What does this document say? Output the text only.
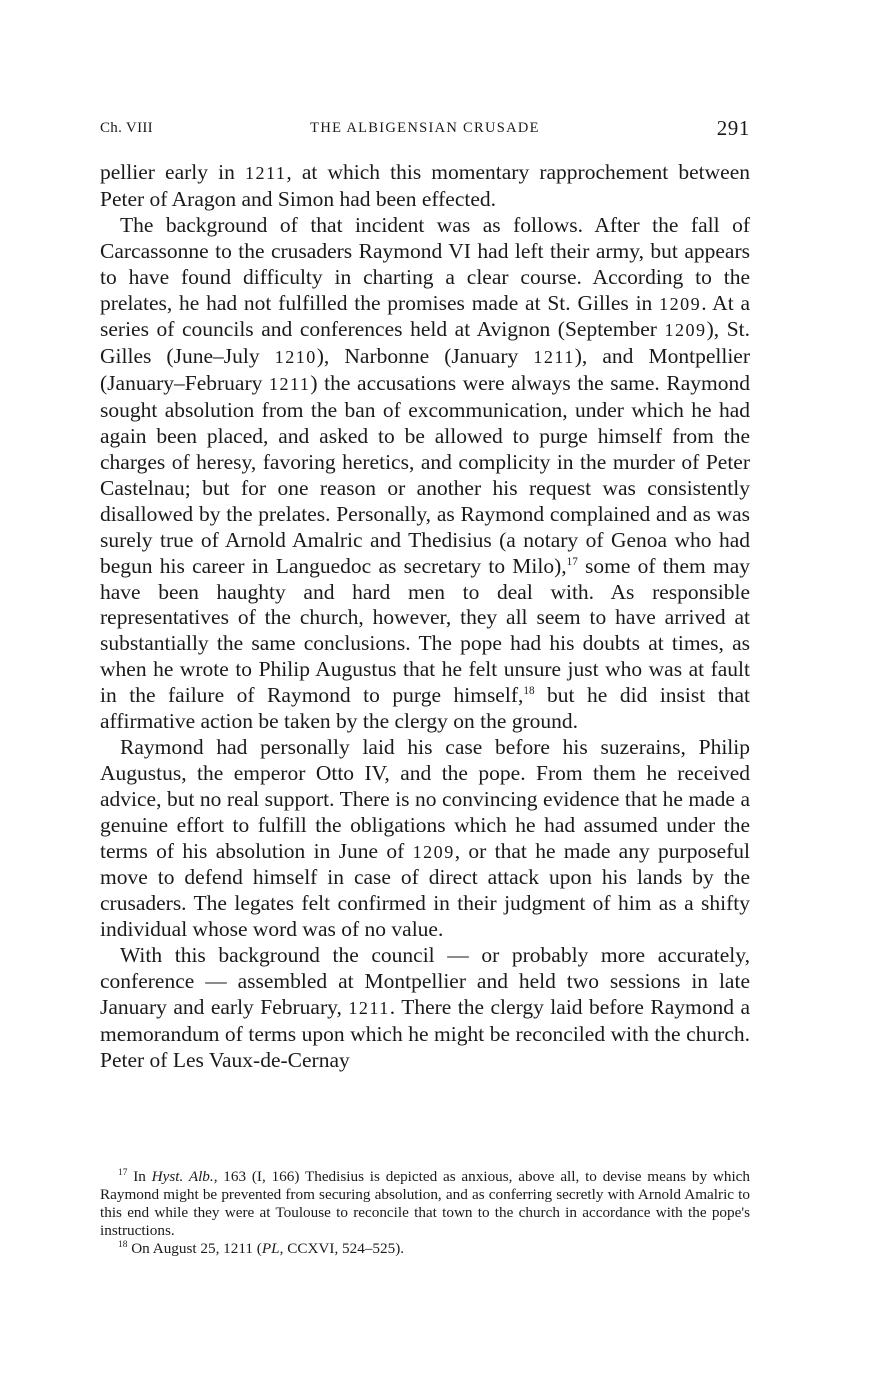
Ch. VIII	THE ALBIGENSIAN CRUSADE	291

pellier early in 1211, at which this momentary rapprochement between Peter of Aragon and Simon had been effected.

The background of that incident was as follows. After the fall of Carcassonne to the crusaders Raymond VI had left their army, but appears to have found difficulty in charting a clear course. According to the prelates, he had not fulfilled the promises made at St. Gilles in 1209. At a series of councils and conferences held at Avignon (September 1209), St. Gilles (June–July 1210), Narbonne (January 1211), and Montpellier (January–February 1211) the accusations were always the same. Raymond sought absolution from the ban of excommunication, under which he had again been placed, and asked to be allowed to purge himself from the charges of heresy, favoring heretics, and complicity in the murder of Peter Castelnau; but for one reason or another his request was consistently disallowed by the prelates. Personally, as Raymond complained and as was surely true of Arnold Amalric and Thedisius (a notary of Genoa who had begun his career in Languedoc as secretary to Milo),$^{17}$ some of them may have been haughty and hard men to deal with. As responsible representatives of the church, however, they all seem to have arrived at substantially the same conclusions. The pope had his doubts at times, as when he wrote to Philip Augustus that he felt unsure just who was at fault in the failure of Raymond to purge himself,$^{18}$ but he did insist that affirmative action be taken by the clergy on the ground.

Raymond had personally laid his case before his suzerains, Philip Augustus, the emperor Otto IV, and the pope. From them he received advice, but no real support. There is no convincing evidence that he made a genuine effort to fulfill the obligations which he had assumed under the terms of his absolution in June of 1209, or that he made any purposeful move to defend himself in case of direct attack upon his lands by the crusaders. The legates felt confirmed in their judgment of him as a shifty individual whose word was of no value.

With this background the council — or probably more accurately, conference — assembled at Montpellier and held two sessions in late January and early February, 1211. There the clergy laid before Raymond a memorandum of terms upon which he might be reconciled with the church. Peter of Les Vaux-de-Cernay

$^{17}$ In Hyst. Alb., 163 (I, 166) Thedisius is depicted as anxious, above all, to devise means by which Raymond might be prevented from securing absolution, and as conferring secretly with Arnold Amalric to this end while they were at Toulouse to reconcile that town to the church in accordance with the pope's instructions.

$^{18}$ On August 25, 1211 (PL, CCXVI, 524–525).
